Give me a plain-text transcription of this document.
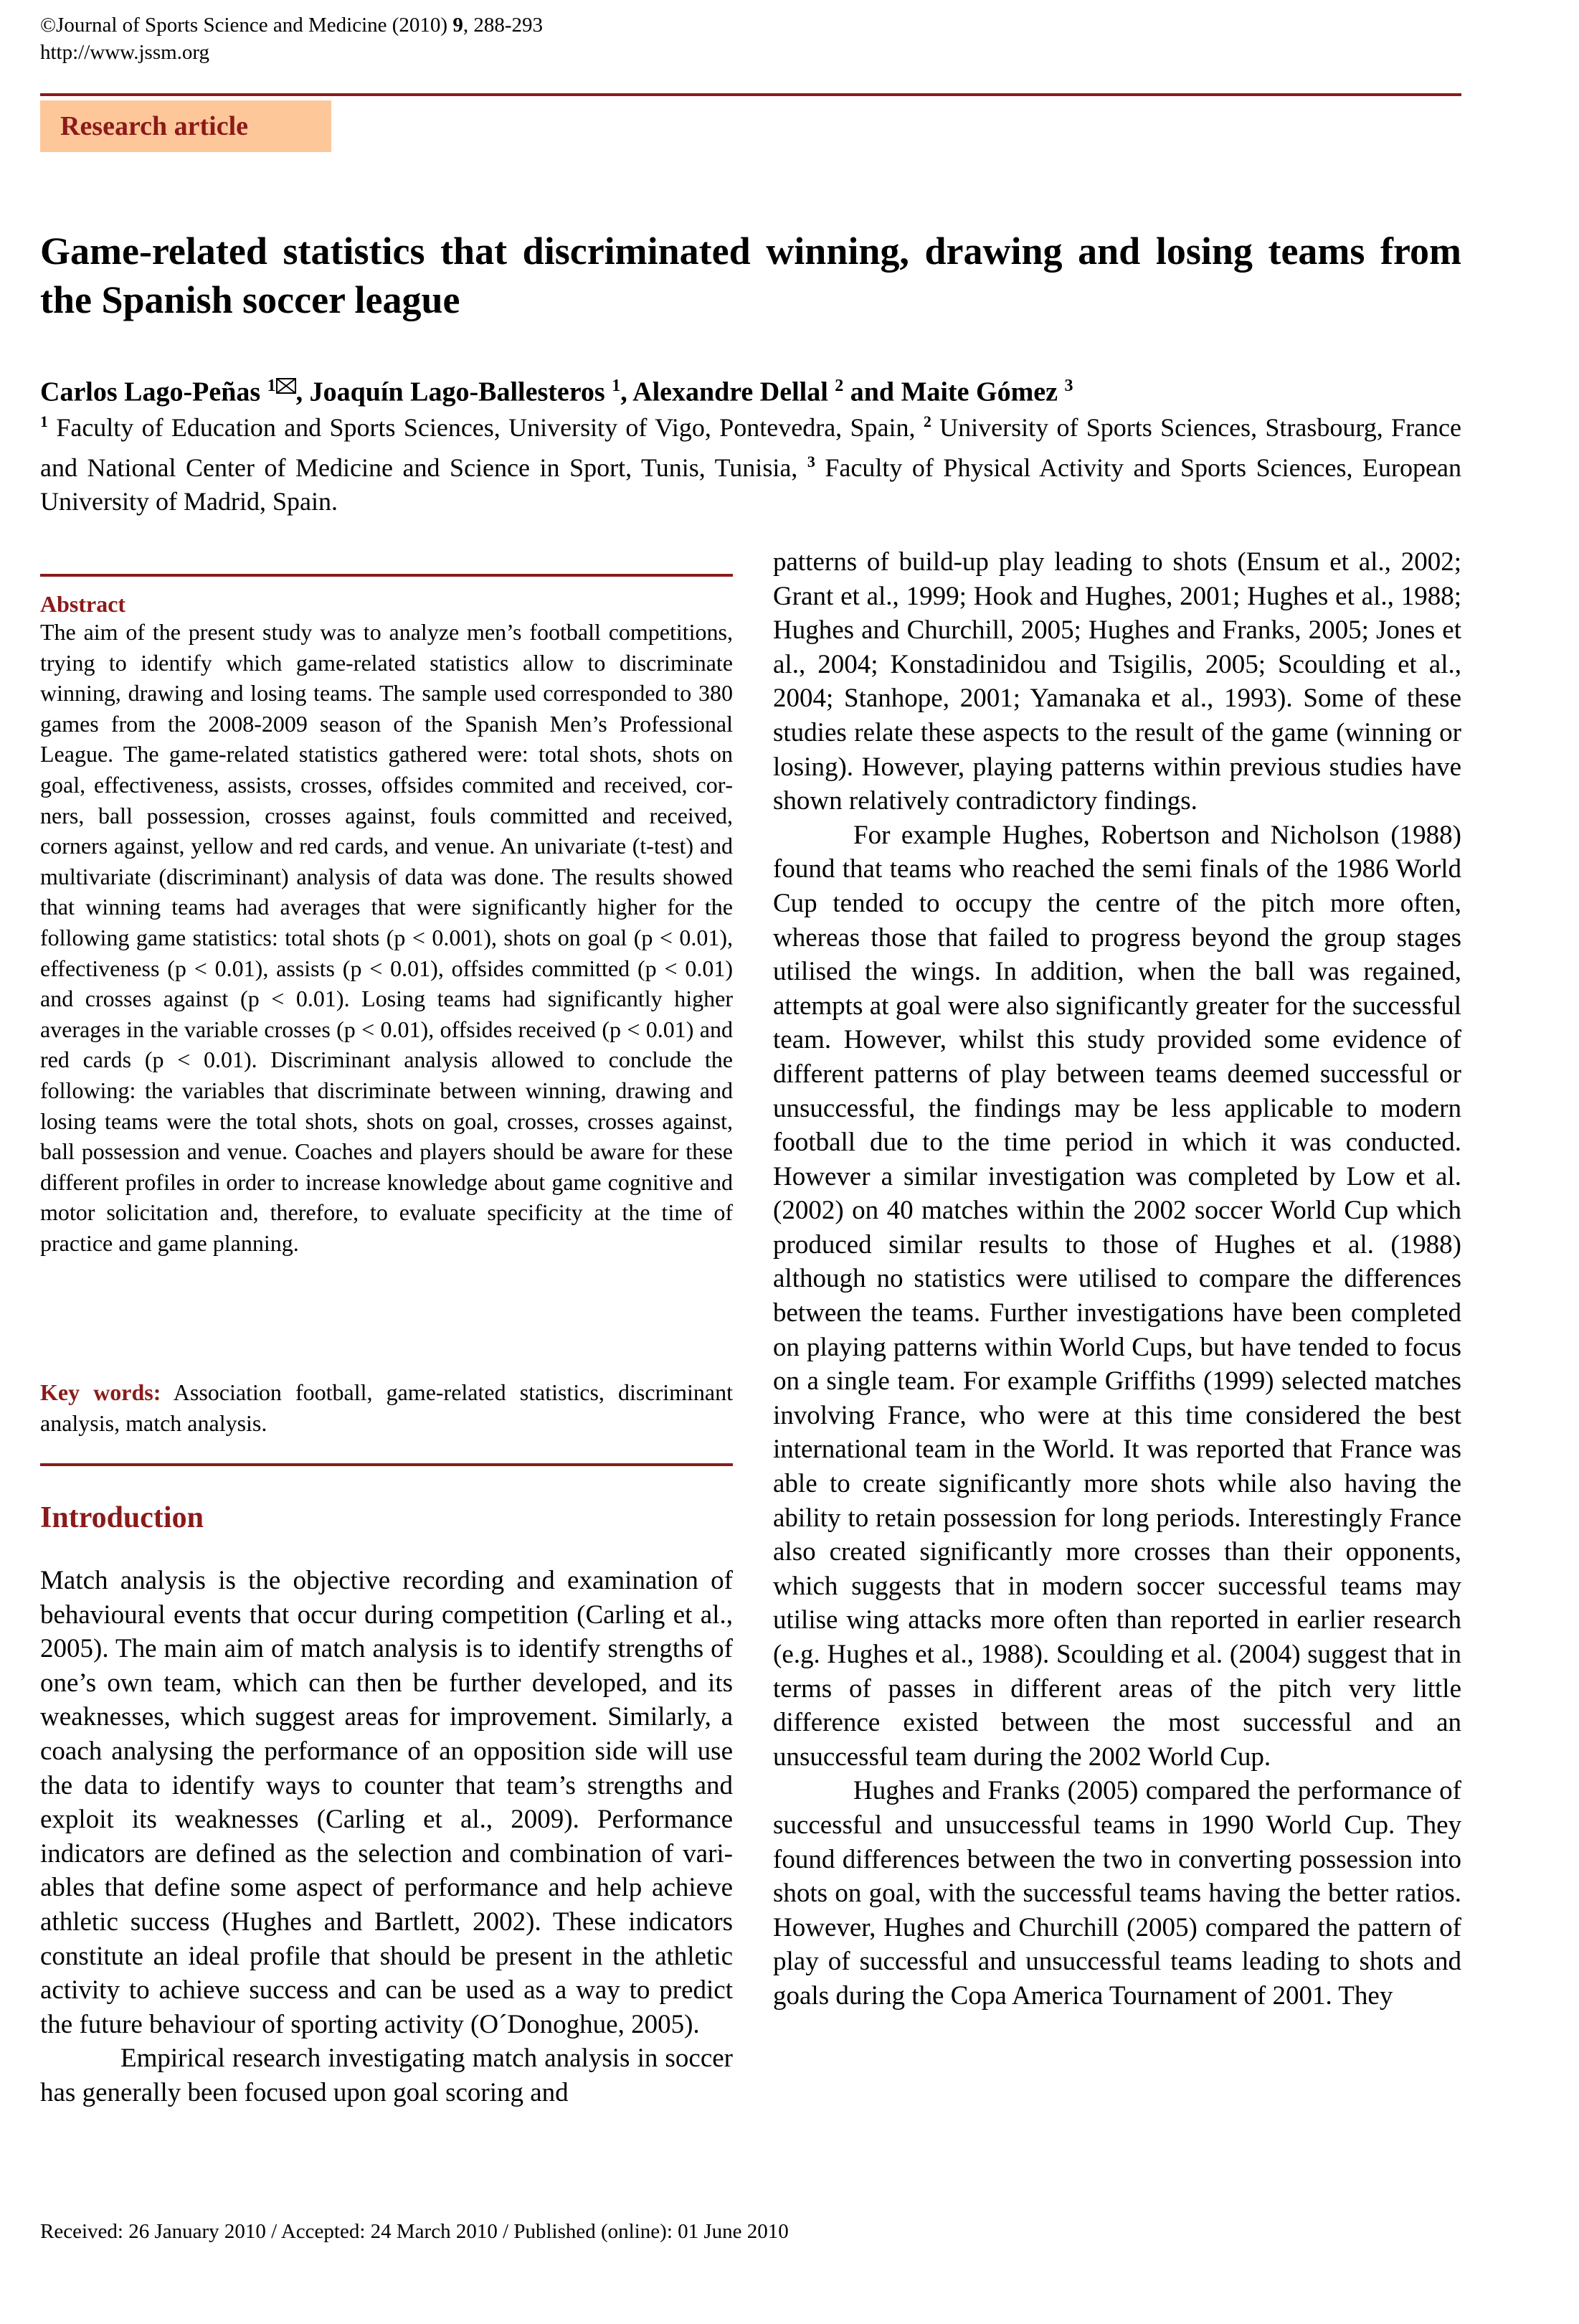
©Journal of Sports Science and Medicine (2010) 9, 288-293
http://www.jssm.org
Research article
Game-related statistics that discriminated winning, drawing and losing teams from the Spanish soccer league
Carlos Lago-Peñas $^1$ , Joaquín Lago-Ballesteros $^1$, Alexandre Dellal $^2$ and Maite Gómez $^3$
$^1$ Faculty of Education and Sports Sciences, University of Vigo, Pontevedra, Spain, $^2$ University of Sports Sciences, Strasbourg, France and National Center of Medicine and Science in Sport, Tunis, Tunisia, $^3$ Faculty of Physical Activity and Sports Sciences, European University of Madrid, Spain.
Abstract
The aim of the present study was to analyze men’s football competitions, trying to identify which game-related statistics allow to discriminate winning, drawing and losing teams. The sample used corresponded to 380 games from the 2008-2009 season of the Spanish Men’s Professional League. The game-related statistics gathered were: total shots, shots on goal, effectiveness, assists, crosses, offsides commited and received, corners, ball possession, crosses against, fouls committed and received, corners against, yellow and red cards, and venue. An univariate (t-test) and multivariate (discriminant) analysis of data was done. The results showed that winning teams had averages that were significantly higher for the following game statistics: total shots (p < 0.001), shots on goal (p < 0.01), effectiveness (p < 0.01), assists (p < 0.01), offsides committed (p < 0.01) and crosses against (p < 0.01). Losing teams had significantly higher averages in the variable crosses (p < 0.01), offsides received (p < 0.01) and red cards (p < 0.01). Discriminant analysis allowed to conclude the following: the variables that discriminate between winning, drawing and losing teams were the total shots, shots on goal, crosses, crosses against, ball possession and venue. Coaches and players should be aware for these different profiles in order to increase knowledge about game cognitive and motor solicitation and, therefore, to evaluate specificity at the time of practice and game planning.
Key words: Association football, game-related statistics, discriminant analysis, match analysis.
Introduction

Match analysis is the objective recording and examination of behavioural events that occur during competition (Carling et al., 2005). The main aim of match analysis is to identify strengths of one’s own team, which can then be further developed, and its weaknesses, which suggest areas for improvement. Similarly, a coach analysing the performance of an opposition side will use the data to identify ways to counter that team’s strengths and exploit its weaknesses (Carling et al., 2009). Performance indicators are defined as the selection and combination of variables that define some aspect of performance and help achieve athletic success (Hughes and Bartlett, 2002). These indicators constitute an ideal profile that should be present in the athletic activity to achieve success and can be used as a way to predict the future behaviour of sporting activity (O´Donoghue, 2005).

Empirical research investigating match analysis in soccer has generally been focused upon goal scoring and

patterns of build-up play leading to shots (Ensum et al., 2002; Grant et al., 1999; Hook and Hughes, 2001; Hughes et al., 1988; Hughes and Churchill, 2005; Hughes and Franks, 2005; Jones et al., 2004; Konstadinidou and Tsigilis, 2005; Scoulding et al., 2004; Stanhope, 2001; Yamanaka et al., 1993). Some of these studies relate these aspects to the result of the game (winning or losing). However, playing patterns within previous studies have shown relatively contradictory findings.

For example Hughes, Robertson and Nicholson (1988) found that teams who reached the semi finals of the 1986 World Cup tended to occupy the centre of the pitch more often, whereas those that failed to progress beyond the group stages utilised the wings. In addition, when the ball was regained, attempts at goal were also significantly greater for the successful team. However, whilst this study provided some evidence of different patterns of play between teams deemed successful or unsuccessful, the findings may be less applicable to modern football due to the time period in which it was conducted. However a similar investigation was completed by Low et al. (2002) on 40 matches within the 2002 soccer World Cup which produced similar results to those of Hughes et al. (1988) although no statistics were utilised to compare the differences between the teams. Further investigations have been completed on playing patterns within World Cups, but have tended to focus on a single team. For example Griffiths (1999) selected matches involving France, who were at this time considered the best international team in the World. It was reported that France was able to create significantly more shots while also having the ability to retain possession for long periods. Interestingly France also created significantly more crosses than their opponents, which suggests that in modern soccer successful teams may utilise wing attacks more often than reported in earlier research (e.g. Hughes et al., 1988). Scoulding et al. (2004) suggest that in terms of passes in different areas of the pitch very little difference existed between the most successful and an unsuccessful team during the 2002 World Cup.

Hughes and Franks (2005) compared the performance of successful and unsuccessful teams in 1990 World Cup. They found differences between the two in converting possession into shots on goal, with the successful teams having the better ratios. However, Hughes and Churchill (2005) compared the pattern of play of successful and unsuccessful teams leading to shots and goals during the Copa America Tournament of 2001. They

Received: 26 January 2010 / Accepted: 24 March 2010 / Published (online): 01 June 2010
